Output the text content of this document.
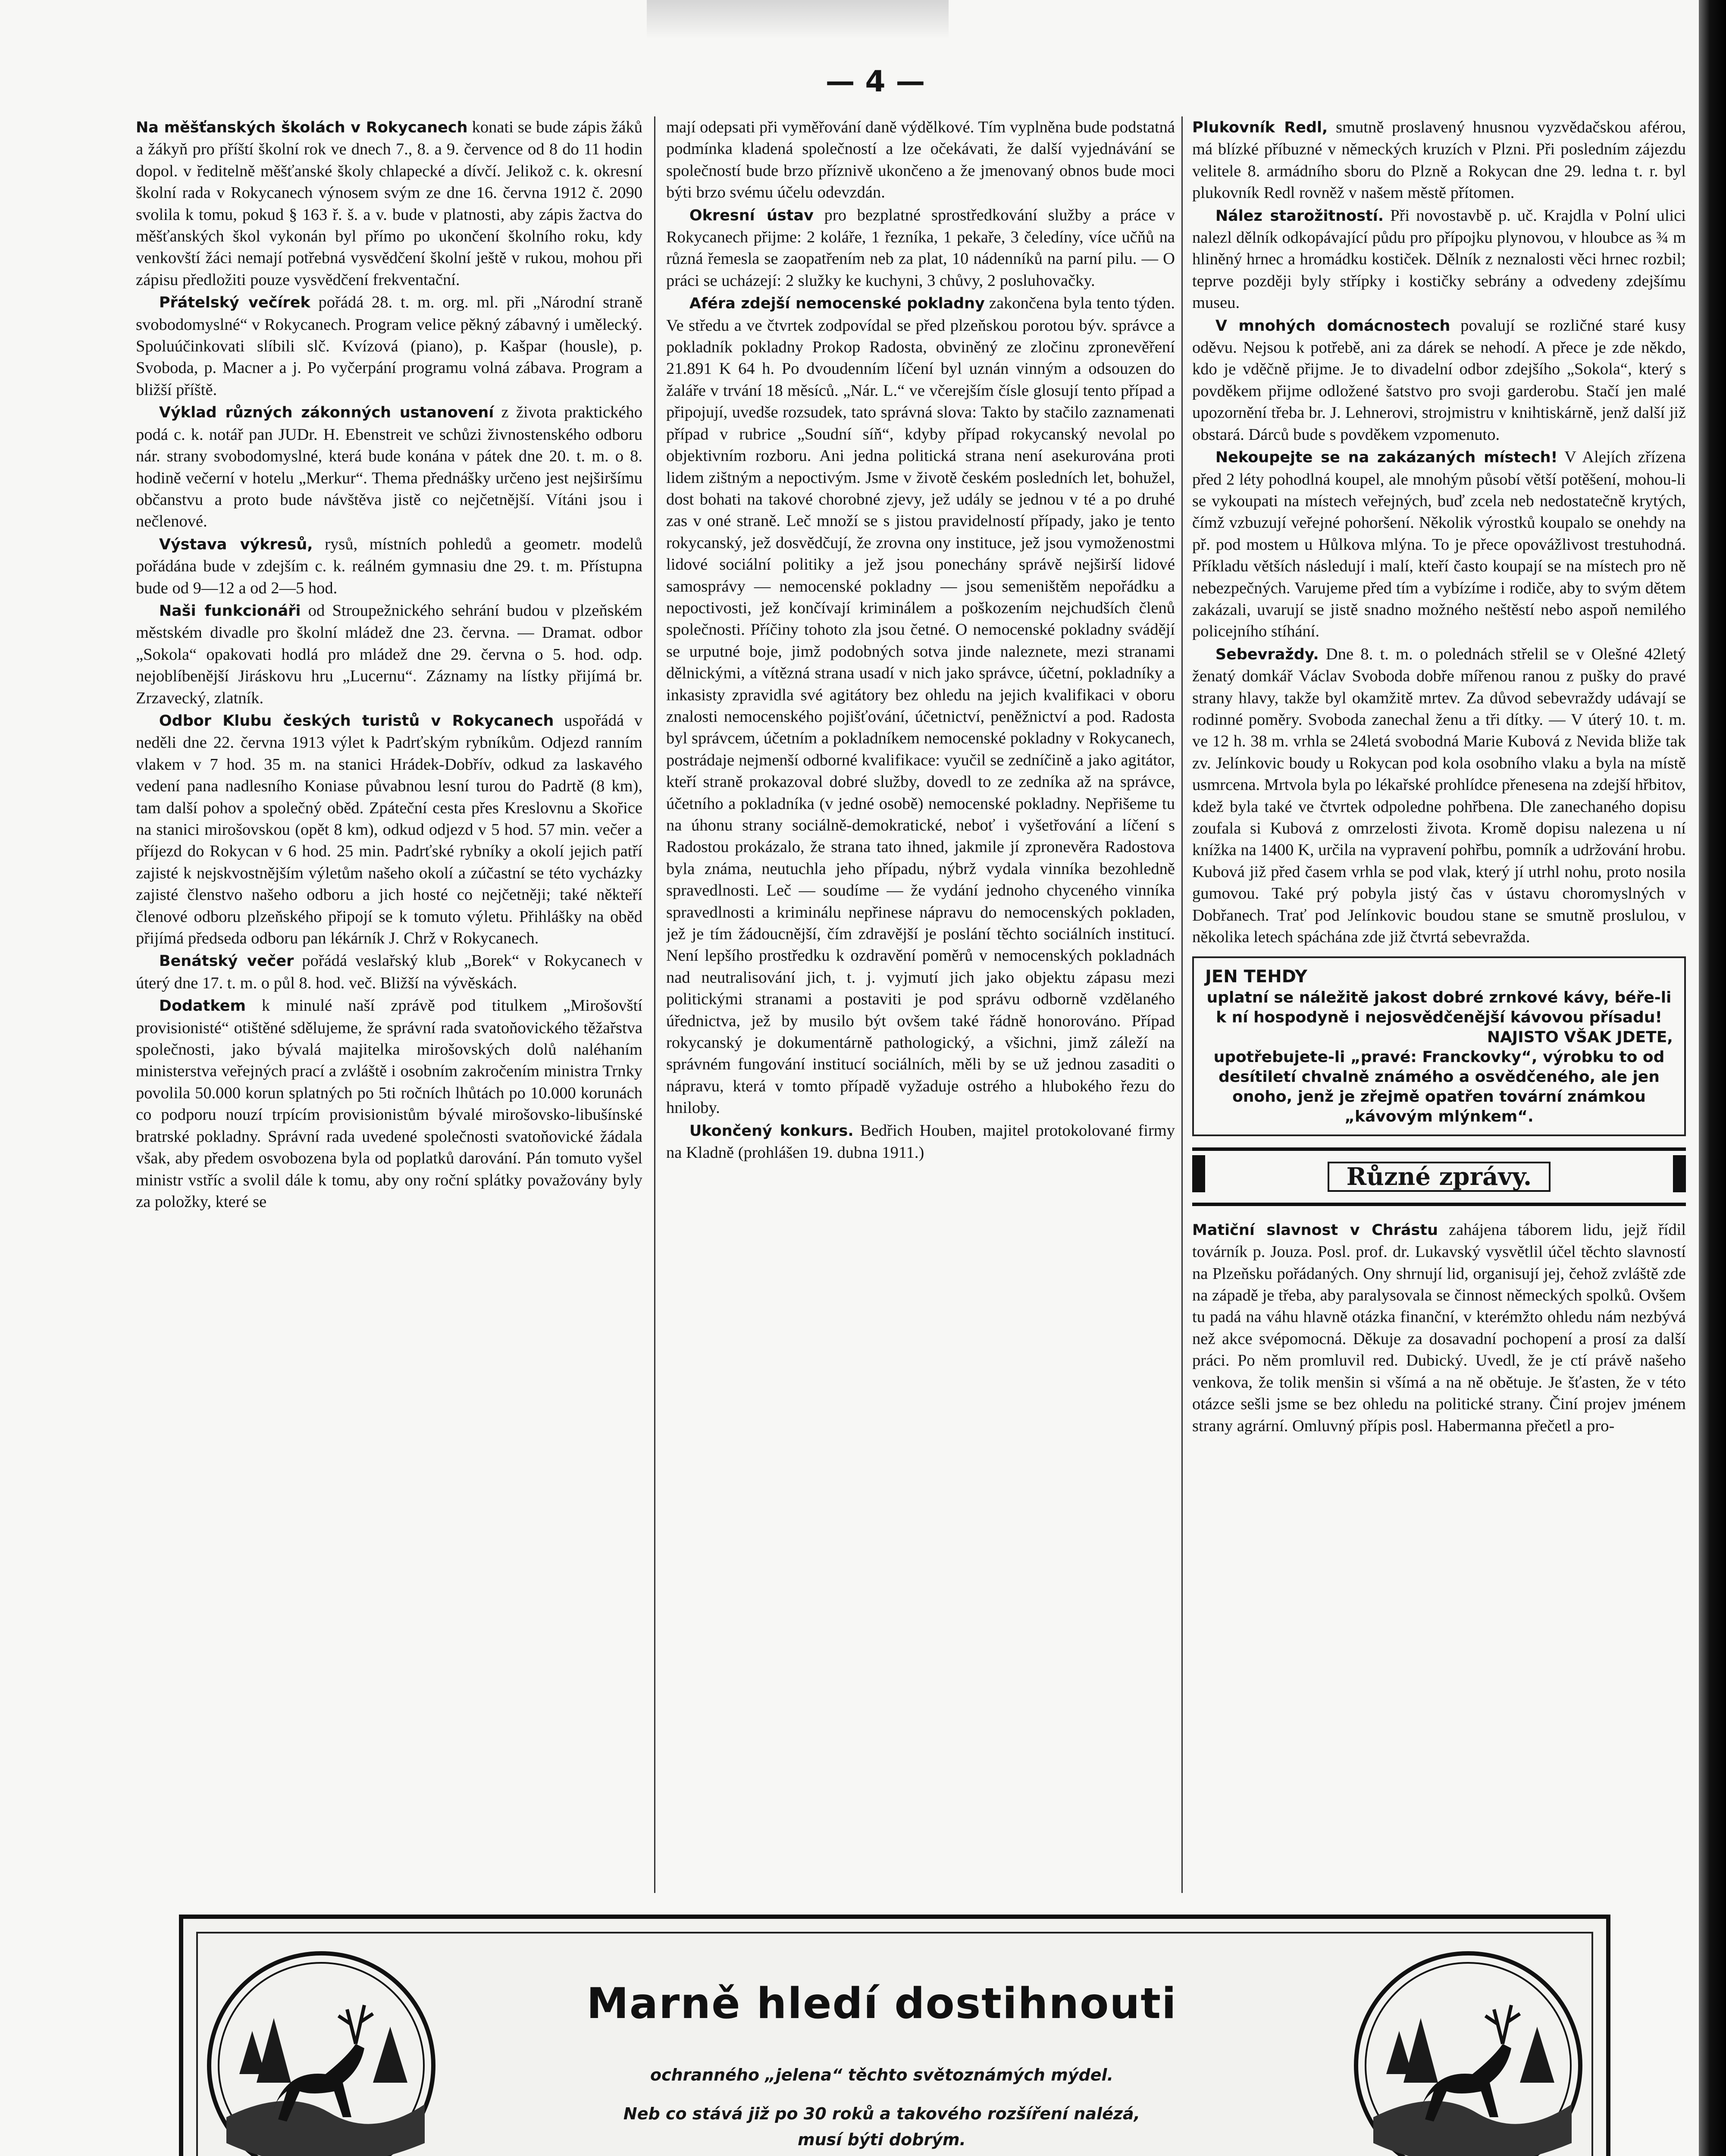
— 4 —

Na měšťanských školách v Rokycanech konati se bude zápis žáků a žákyň pro příští školní rok ve dnech 7., 8. a 9. července od 8 do 11 hodin dopol. v ředitelně měšťanské školy chlapecké a dívčí. Jelikož c. k. okresní školní rada v Rokycanech výnosem svým ze dne 16. června 1912 č. 2090 svolila k tomu, pokud § 163 ř. š. a v. bude v platnosti, aby zápis žactva do měšťanských škol vykonán byl přímo po ukončení školního roku, kdy venkovští žáci nemají potřebná vysvědčení školní ještě v rukou, mohou při zápisu předložiti pouze vysvědčení frekventační.

Přátelský večírek pořádá 28. t. m. org. ml. při „Národní straně svobodomyslné“ v Rokycanech. Program velice pěkný zábavný i umělecký. Spoluúčinkovati slíbili slč. Kvízová (piano), p. Kašpar (housle), p. Svoboda, p. Macner a j. Po vyčerpání programu volná zábava. Program a bližší příště.

Výklad různých zákonných ustanovení z života praktického podá c. k. notář pan JUDr. H. Ebenstreit ve schůzi živnostenského odboru nár. strany svobodomyslné, která bude konána v pátek dne 20. t. m. o 8. hodině večerní v hotelu „Merkur“. Thema přednášky určeno jest nejširšímu občanstvu a proto bude návštěva jistě co nejčetnější. Vítáni jsou i nečlenové.

Výstava výkresů, rysů, místních pohledů a geometr. modelů pořádána bude v zdejším c. k. reálném gymnasiu dne 29. t. m. Přístupna bude od 9—12 a od 2—5 hod.

Naši funkcionáři od Stroupežnického sehrání budou v plzeňském městském divadle pro školní mládež dne 23. června. — Dramat. odbor „Sokola“ opakovati hodlá pro mládež dne 29. června o 5. hod. odp. nejoblíbenější Jiráskovu hru „Lucernu“. Záznamy na lístky přijímá br. Zrzavecký, zlatník.

Odbor Klubu českých turistů v Rokycanech uspořádá v neděli dne 22. června 1913 výlet k Padrťským rybníkům. Odjezd ranním vlakem v 7 hod. 35 m. na stanici Hrádek-Dobřív, odkud za laskavého vedení pana nadlesního Koniase půvabnou lesní turou do Padrtě (8 km), tam další pohov a společný oběd. Zpáteční cesta přes Kreslovnu a Skořice na stanici mirošovskou (opět 8 km), odkud odjezd v 5 hod. 57 min. večer a příjezd do Rokycan v 6 hod. 25 min. Padrťské rybníky a okolí jejich patří zajisté k nejskvostnějším výletům našeho okolí a zúčastní se této vycházky zajisté členstvo našeho odboru a jich hosté co nejčetněji; také někteří členové odboru plzeňského připojí se k tomuto výletu. Přihlášky na oběd přijímá předseda odboru pan lékárník J. Chrž v Rokycanech.

Benátský večer pořádá veslařský klub „Borek“ v Rokycanech v úterý dne 17. t. m. o půl 8. hod. več. Bližší na vývěskách.

Dodatkem k minulé naší zprávě pod titulkem „Mirošovští provisionisté“ otištěné sdělujeme, že správní rada svatoňovického těžařstva společnosti, jako bývalá majitelka mirošovských dolů naléhaním ministerstva veřejných prací a zvláště i osobním zakročením ministra Trnky povolila 50.000 korun splatných po 5ti ročních lhůtách po 10.000 korunách co podporu nouzí trpícím provisionistům bývalé mirošovsko-libušínské bratrské pokladny. Správní rada uvedené společnosti svatoňovické žádala však, aby předem osvobozena byla od poplatků darování. Pán tomuto vyšel ministr vstříc a svolil dále k tomu, aby ony roční splátky považovány byly za položky, které se

mají odepsati při vyměřování daně výdělkové. Tím vyplněna bude podstatná podmínka kladená společností a lze očekávati, že další vyjednávání se společností bude brzo příznivě ukončeno a že jmenovaný obnos bude moci býti brzo svému účelu odevzdán.

Okresní ústav pro bezplatné sprostředkování služby a práce v Rokycanech přijme: 2 koláře, 1 řezníka, 1 pekaře, 3 čeledíny, více učňů na různá řemesla se zaopatřením neb za plat, 10 nádenníků na parní pilu. — O práci se ucházejí: 2 služky ke kuchyni, 3 chůvy, 2 posluhovačky.

Aféra zdejší nemocenské pokladny zakončena byla tento týden. Ve středu a ve čtvrtek zodpovídal se před plzeňskou porotou býv. správce a pokladník pokladny Prokop Radosta, obviněný ze zločinu zpronevěření 21.891 K 64 h. Po dvoudenním líčení byl uznán vinným a odsouzen do žaláře v trvání 18 měsíců. „Nár. L.“ ve včerejším čísle glosují tento případ a připojují, uvedše rozsudek, tato správná slova: Takto by stačilo zaznamenati případ v rubrice „Soudní síň“, kdyby případ rokycanský nevolal po objektivním rozboru. Ani jedna politická strana není asekurována proti lidem zištným a nepoctivým. Jsme v životě českém posledních let, bohužel, dost bohati na takové chorobné zjevy, jež udály se jednou v té a po druhé zas v oné straně. Leč množí se s jistou pravidelností případy, jako je tento rokycanský, jež dosvědčují, že zrovna ony instituce, jež jsou vymoženostmi lidové sociální politiky a jež jsou ponechány správě nejširší lidové samosprávy — nemocenské pokladny — jsou semeništěm nepořádku a nepoctivosti, jež končívají kriminálem a poškozením nejchudších členů společnosti. Příčiny tohoto zla jsou četné. O nemocenské pokladny svádějí se urputné boje, jimž podobných sotva jinde naleznete, mezi stranami dělnickými, a vítězná strana usadí v nich jako správce, účetní, pokladníky a inkasisty zpravidla své agitátory bez ohledu na jejich kvalifikaci v oboru znalosti nemocenského pojišťování, účetnictví, peněžnictví a pod. Radosta byl správcem, účetním a pokladníkem nemocenské pokladny v Rokycanech, postrádaje nejmenší odborné kvalifikace: vyučil se zedníčině a jako agitátor, kteří straně prokazoval dobré služby, dovedl to ze zedníka až na správce, účetního a pokladníka (v jedné osobě) nemocenské pokladny. Nepřišeme tu na úhonu strany sociálně-demokratické, neboť i vyšetřování a líčení s Radostou prokázalo, že strana tato ihned, jakmile jí zpronevěra Radostova byla známa, neutuchla jeho případu, nýbrž vydala vinníka bezohledně spravedlnosti. Leč — soudíme — že vydání jednoho chyceného vinníka spravedlnosti a kriminálu nepřinese nápravu do nemocenských pokladen, jež je tím žádoucnější, čím zdravější je poslání těchto sociálních institucí. Není lepšího prostředku k ozdravění poměrů v nemocenských pokladnách nad neutralisování jich, t. j. vyjmutí jich jako objektu zápasu mezi politickými stranami a postaviti je pod správu odborně vzdělaného úřednictva, jež by musilo být ovšem také řádně honorováno. Případ rokycanský je dokumentárně pathologický, a všichni, jimž záleží na správném fungování institucí sociálních, měli by se už jednou zasaditi o nápravu, která v tomto případě vyžaduje ostrého a hlubokého řezu do hniloby.

Ukončený konkurs. Bedřich Houben, majitel protokolované firmy na Kladně (prohlášen 19. dubna 1911.)

Plukovník Redl, smutně proslavený hnusnou vyzvědačskou aférou, má blízké příbuzné v německých kruzích v Plzni. Při posledním zájezdu velitele 8. armádního sboru do Plzně a Rokycan dne 29. ledna t. r. byl plukovník Redl rovněž v našem městě přítomen.

Nález starožitností. Při novostavbě p. uč. Krajdla v Polní ulici nalezl dělník odkopávající půdu pro přípojku plynovou, v hloubce as ¾ m hliněný hrnec a hromádku kostiček. Dělník z neznalosti věci hrnec rozbil; teprve později byly střípky i kostičky sebrány a odvedeny zdejšímu museu.

V mnohých domácnostech povalují se rozličné staré kusy oděvu. Nejsou k potřebě, ani za dárek se nehodí. A přece je zde někdo, kdo je vděčně přijme. Je to divadelní odbor zdejšího „Sokola“, který s povděkem přijme odložené šatstvo pro svoji garderobu. Stačí jen malé upozornění třeba br. J. Lehnerovi, strojmistru v knihtiskárně, jenž další již obstará. Dárců bude s povděkem vzpomenuto.

Nekoupejte se na zakázaných místech! V Alejích zřízena před 2 léty pohodlná koupel, ale mnohým působí větší potěšení, mohou-li se vykoupati na místech veřejných, buď zcela neb nedostatečně krytých, čímž vzbuzují veřejné pohoršení. Několik výrostků koupalo se onehdy na př. pod mostem u Hůlkova mlýna. To je přece opovážlivost trestuhodná. Příkladu větších následují i malí, kteří často koupají se na místech pro ně nebezpečných. Varujeme před tím a vybízíme i rodiče, aby to svým dětem zakázali, uvarují se jistě snadno možného neštěstí nebo aspoň nemilého policejního stíhání.

Sebevraždy. Dne 8. t. m. o polednách střelil se v Olešné 42letý ženatý domkář Václav Svoboda dobře mířenou ranou z pušky do pravé strany hlavy, takže byl okamžitě mrtev. Za důvod sebevraždy udávají se rodinné poměry. Svoboda zanechal ženu a tři dítky. — V úterý 10. t. m. ve 12 h. 38 m. vrhla se 24letá svobodná Marie Kubová z Nevida bliže tak zv. Jelínkovic boudy u Rokycan pod kola osobního vlaku a byla na místě usmrcena. Mrtvola byla po lékařské prohlídce přenesena na zdejší hřbitov, kdež byla také ve čtvrtek odpoledne pohřbena. Dle zanechaného dopisu zoufala si Kubová z omrzelosti života. Kromě dopisu nalezena u ní knížka na 1400 K, určila na vypravení pohřbu, pomník a udržování hrobu. Kubová již před časem vrhla se pod vlak, který jí utrhl nohu, proto nosila gumovou. Také prý pobyla jistý čas v ústavu choromyslných v Dobřanech. Trať pod Jelínkovic boudou stane se smutně proslulou, v několika letech spáchána zde již čtvrtá sebevražda.

JEN TEHDY
uplatní se náležitě jakost dobré zrnkové kávy, béře-li k ní hospodyně i nejosvědčenější kávovou přísadu!
NAJISTO VŠAK JDETE,
upotřebujete-li „pravé: Franckovky“, výrobku to od desítiletí chvalně známého a osvědčeného, ale jen onoho, jenž je zřejmě opatřen tovární známkou „kávovým mlýnkem“.
Různé zprávy.

Matiční slavnost v Chrástu zahájena táborem lidu, jejž řídil továrník p. Jouza. Posl. prof. dr. Lukavský vysvětlil účel těchto slavností na Plzeňsku pořádaných. Ony shrnují lid, organisují jej, čehož zvláště zde na západě je třeba, aby paralysovala se činnost německých spolků. Ovšem tu padá na váhu hlavně otázka finanční, v kterémžto ohledu nám nezbývá než akce svépomocná. Děkuje za dosavadní pochopení a prosí za další práci. Po něm promluvil red. Dubický. Uvedl, že je ctí právě našeho venkova, že tolik menšin si všímá a na ně obětuje. Je šťasten, že v této otázce sešli jsme se bez ohledu na politické strany. Činí projev jménem strany agrární. Omluvný přípis posl. Habermanna přečetl a pro-

Marně hledí dostihnouti
ochranného „jelena“ těchto světoznámých mýdel.
Neb co stává již po 30 roků a takového rozšíření nalézá,
musí býti dobrým.
